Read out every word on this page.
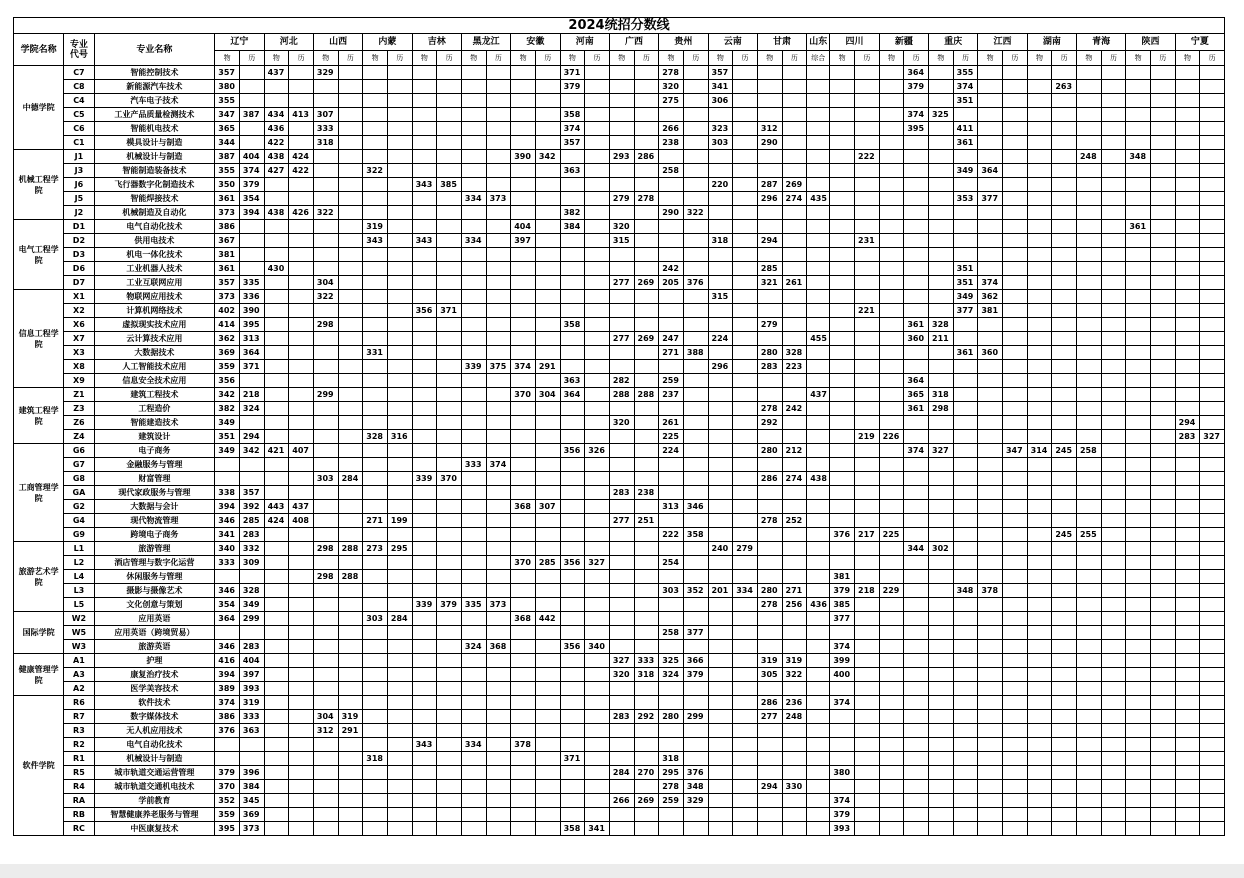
2024统招分数线
学院名称	专业代号	专业名称	辽宁		河北		山西		内蒙		吉林		黑龙江		安徽		河南		广西		贵州		云南		甘肃		山东	四川		新疆		重庆		江西		湖南		青海		陕西		宁夏	
			物	历	物	历	物	历	物	历	物	历	物	历	物	历	物	历	物	历	物	历	物	历	物	历	综合	物	历	物	历	物	历	物	历	物	历	物	历	物	历	物	历
中德学院	C7	智能控制技术	357		437		329										371				278		357								364		355										
	C8	新能源汽车技术	380														379				320		341								379		374				263						
	C4	汽车电子技术	355																		275		306										351										
	C5	工业产品质量检测技术	347	387	434	413	307										358														374	325											
	C6	智能机电技术	365		436		333										374				266		323		312						395		411										
	C1	模具设计与制造	344		422		318										357				238		303		290								361										
机械工程学院	J1	机械设计与制造	387	404	438	424									390	342			293	286									222									248		348			
	J3	智能制造装备技术	355	374	427	422			322								363				258												349	364									
	J6	飞行器数字化制造技术	350	379							343	385											220		287	269																	
	J5	智能焊接技术	361	354									334	373					279	278					296	274	435						353	377									
	J2	机械制造及自动化	373	394	438	426	322										382				290	322																					
电气工程学院	D1	电气自动化技术	386						319						404		384		320																					361			
	D2	供用电技术	367						343		343		334		397				315				318		294				231														
	D3	机电一体化技术	381																																								
	D6	工业机器人技术	361		430																242				285								351										
	D7	工业互联网应用	357	335			304												277	269	205	376			321	261							351	374									
信息工程学院	X1	物联网应用技术	373	336			322																315										349	362									
	X2	计算机网络技术	402	390							356	371																	221				377	381									
	X6	虚拟现实技术应用	414	395			298										358								279						361	328											
	X7	云计算技术应用	362	313															277	269	247		224				455				360	211											
	X3	大数据技术	369	364					331												271	388			280	328							361	360									
	X8	人工智能技术应用	359	371									339	375	374	291							296		283	223																	
	X9	信息安全技术应用	356														363		282		259										364												
建筑工程学院	Z1	建筑工程技术	342	218			299								370	304	364		288	288	237						437				365	318											
	Z3	工程造价	382	324																					278	242					361	298											
	Z6	智能建造技术	349																320		261				292																	294	
	Z4	建筑设计	351	294					328	316											225								219	226												283	327
工商管理学院	G6	电子商务	349	342	421	407											356	326			224				280	212					374	327			347	314	245	258					
	G7	金融服务与管理											333	374																													
	G8	财富管理					303	284			339	370													286	274	438																
	GA	现代家政服务与管理	338	357															283	238																							
	G2	大数据与会计	394	392	443	437									368	307					313	346																					
	G4	现代物流管理	346	285	424	408			271	199									277	251					278	252																	
	G9	跨境电子商务	341	283																	222	358						376	217	225							245	255					
旅游艺术学院	L1	旅游管理	340	332			298	288	273	295													240	279							344	302											
	L2	酒店管理与数字化运营	333	309											370	285	356	327			254																						
	L4	休闲服务与管理					298	288																				381															
	L3	摄影与摄像艺术	346	328																	303	352	201	334	280	271		379	218	229			348	378									
	L5	文化创意与策划	354	349							339	379	335	373											278	256	436	385															
国际学院	W2	应用英语	364	299					303	284					368	442												377															
	W5	应用英语（跨境贸易）																			258	377																					
	W3	旅游英语	346	283									324	368			356	340										374															
健康管理学院	A1	护理	416	404															327	333	325	366			319	319		399															
	A3	康复治疗技术	394	397															320	318	324	379			305	322		400															
	A2	医学美容技术	389	393																																							
软件学院	R6	软件技术	374	319																					286	236		374															
	R7	数字媒体技术	386	333			304	319											283	292	280	299			277	248																	
	R3	无人机应用技术	376	363			312	291																																			
	R2	电气自动化技术									343		334		378																												
	R1	机械设计与制造							318								371				318																						
	R5	城市轨道交通运营管理	379	396															284	270	295	376						380															
	R4	城市轨道交通机电技术	370	384																	278	348			294	330																	
	RA	学前教育	352	345															266	269	259	329						374															
	RB	智慧健康养老服务与管理	359	369																								379															
	RC	中医康复技术	395	373													358	341										393															
